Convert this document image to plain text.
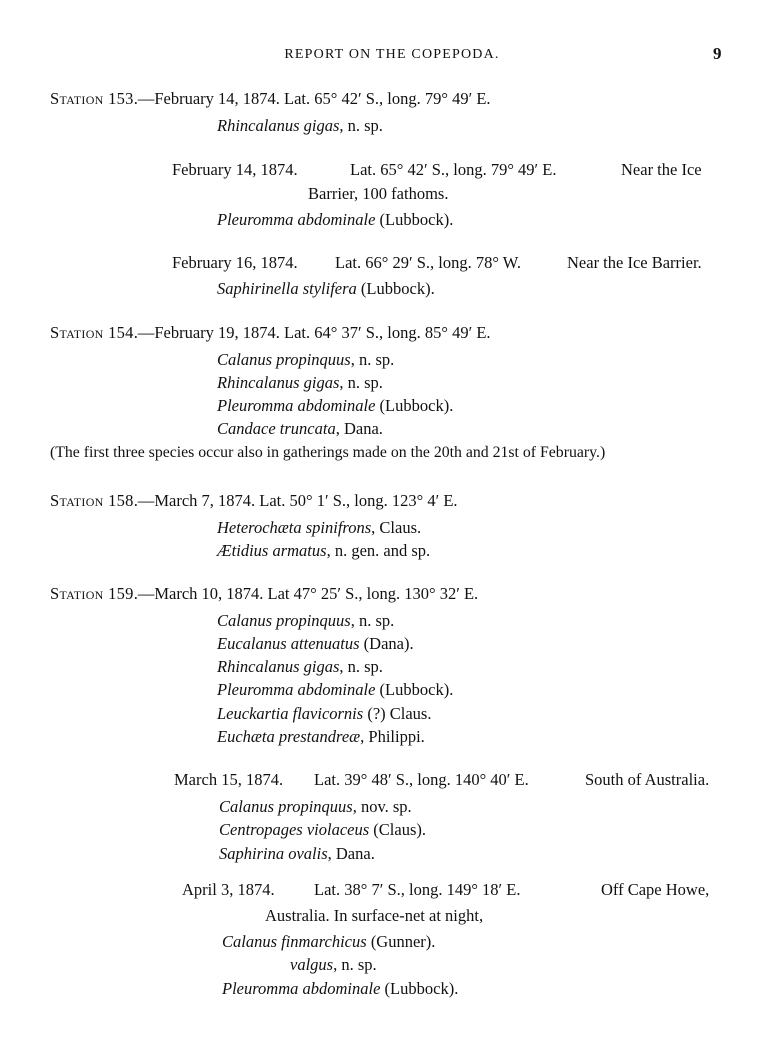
REPORT ON THE COPEPODA.	9
Station 153.—February 14, 1874. Lat. 65° 42′ S., long. 79° 49′ E.
Rhincalanus gigas, n. sp.
February 14, 1874.	Lat. 65° 42′ S., long. 79° 49′ E.	Near the Ice
Barrier, 100 fathoms.
Pleuromma abdominale (Lubbock).
February 16, 1874. Lat. 66° 29′ S., long. 78° W.	Near the Ice Barrier.
Saphirinella stylifera (Lubbock).
Station 154.—February 19, 1874. Lat. 64° 37′ S., long. 85° 49′ E.
Calanus propinquus, n. sp.
Rhincalanus gigas, n. sp.
Pleuromma abdominale (Lubbock).
Candace truncata, Dana.
(The first three species occur also in gatherings made on the 20th and 21st of February.)
Station 158.—March 7, 1874. Lat. 50° 1′ S., long. 123° 4′ E.
Heterochæta spinifrons, Claus.
Ætidius armatus, n. gen. and sp.
Station 159.—March 10, 1874. Lat 47° 25′ S., long. 130° 32′ E.
Calanus propinquus, n. sp.
Eucalanus attenuatus (Dana).
Rhincalanus gigas, n. sp.
Pleuromma abdominale (Lubbock).
Leuckartia flavicornis (?) Claus.
Euchæta prestandreæ, Philippi.
March 15, 1874. Lat. 39° 48′ S., long. 140° 40′ E.	South of Australia.
Calanus propinquus, nov. sp.
Centropages violaceus (Claus).
Saphirina ovalis, Dana.
April 3, 1874. Lat. 38° 7′ S., long. 149° 18′ E.	Off Cape Howe,
Australia. In surface-net at night,
Calanus finmarchicus (Gunner).
valgus, n. sp.
Pleuromma abdominale (Lubbock).
